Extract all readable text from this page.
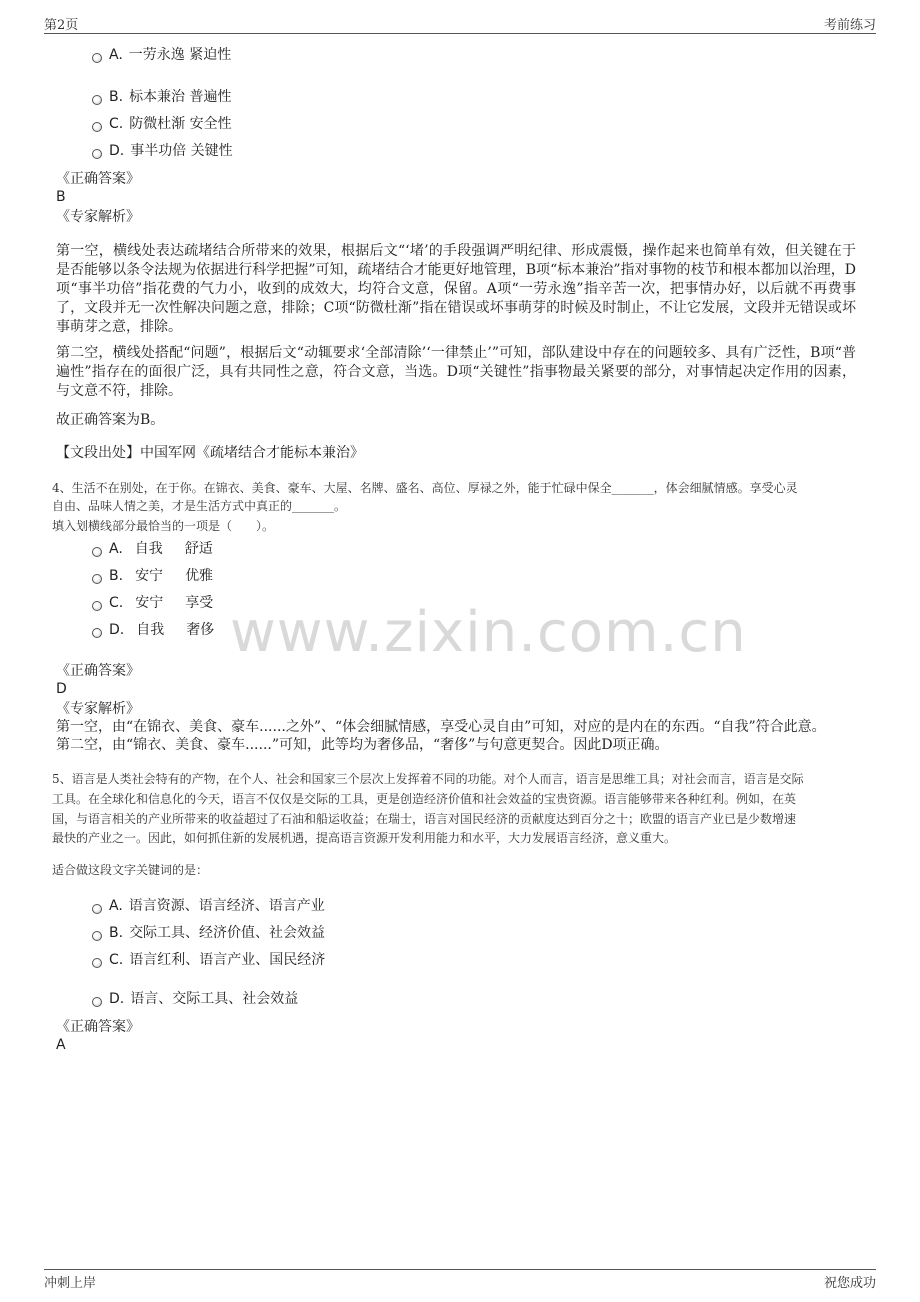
第2页	考前练习
www.zixin.com.cn
A. 一劳永逸 紧迫性
B. 标本兼治 普遍性
C. 防微杜渐 安全性
D. 事半功倍 关键性
《正确答案》
B
《专家解析》
第一空，横线处表达疏堵结合所带来的效果，根据后文“‘堵’的手段强调严明纪律、形成震慑，操作起来也简单有效，但关键在于是否能够以条令法规为依据进行科学把握”可知，疏堵结合才能更好地管理，B项“标本兼治”指对事物的枝节和根本都加以治理，D项“事半功倍”指花费的气力小，收到的成效大，均符合文意，保留。A项“一劳永逸”指辛苦一次，把事情办好，以后就不再费事了，文段并无一次性解决问题之意，排除；C项“防微杜渐”指在错误或坏事萌芽的时候及时制止，不让它发展，文段并无错误或坏事萌芽之意，排除。
第二空，横线处搭配“问题”，根据后文“动辄要求‘全部清除’‘一律禁止’”可知，部队建设中存在的问题较多、具有广泛性，B项“普遍性”指存在的面很广泛，具有共同性之意，符合文意，当选。D项“关键性”指事物最关紧要的部分，对事情起决定作用的因素，与文意不符，排除。
故正确答案为B。
【文段出处】中国军网《疏堵结合才能标本兼治》
4、生活不在别处，在于你。在锦衣、美食、豪车、大屋、名牌、盛名、高位、厚禄之外，能于忙碌中保全_______，体会细腻情感。享受心灵
自由、品味人情之美，才是生活方式中真正的_______。
填入划横线部分最恰当的一项是（　　）。
A. 自我 舒适
B. 安宁 优雅
C. 安宁 享受
D. 自我 奢侈
《正确答案》
D
《专家解析》
第一空，由“在锦衣、美食、豪车......之外”、“体会细腻情感，享受心灵自由”可知，对应的是内在的东西。“自我”符合此意。
第二空，由“锦衣、美食、豪车......”可知，此等均为奢侈品，“奢侈”与句意更契合。因此D项正确。
5、语言是人类社会特有的产物，在个人、社会和国家三个层次上发挥着不同的功能。对个人而言，语言是思维工具；对社会而言，语言是交际
工具。在全球化和信息化的今天，语言不仅仅是交际的工具，更是创造经济价值和社会效益的宝贵资源。语言能够带来各种红利。例如，在英
国，与语言相关的产业所带来的收益超过了石油和船运收益；在瑞士，语言对国民经济的贡献度达到百分之十；欧盟的语言产业已是少数增速
最快的产业之一。因此，如何抓住新的发展机遇，提高语言资源开发利用能力和水平，大力发展语言经济，意义重大。
适合做这段文字关键词的是：
A. 语言资源、语言经济、语言产业
B. 交际工具、经济价值、社会效益
C. 语言红利、语言产业、国民经济
D. 语言、交际工具、社会效益
《正确答案》
A
冲刺上岸	祝您成功
